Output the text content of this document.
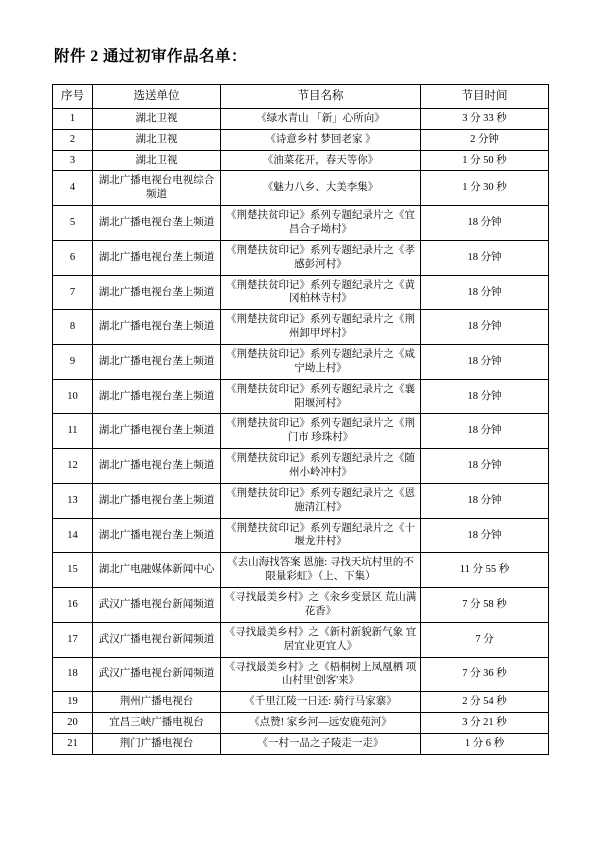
附件 2 通过初审作品名单：
序号	选送单位	节目名称	节目时间
1	湖北卫视	《绿水青山 「新」心所向》	3 分 33 秒
2	湖北卫视	《诗意乡村 梦回老家 》	2 分钟
3	湖北卫视	《油菜花开，春天等你》	1 分 50 秒
4	湖北广播电视台电视综合频道	《魅力八乡、大美李集》	1 分 30 秒
5	湖北广播电视台垄上频道	《荆楚扶贫印记》系列专题纪录片之《宜昌合子坳村》	18 分钟
6	湖北广播电视台垄上频道	《荆楚扶贫印记》系列专题纪录片之《孝感彭河村》	18 分钟
7	湖北广播电视台垄上频道	《荆楚扶贫印记》系列专题纪录片之《黄冈柏林寺村》	18 分钟
8	湖北广播电视台垄上频道	《荆楚扶贫印记》系列专题纪录片之《荆州卸甲坪村》	18 分钟
9	湖北广播电视台垄上频道	《荆楚扶贫印记》系列专题纪录片之《咸宁坳上村》	18 分钟
10	湖北广播电视台垄上频道	《荆楚扶贫印记》系列专题纪录片之《襄阳堰河村》	18 分钟
11	湖北广播电视台垄上频道	《荆楚扶贫印记》系列专题纪录片之《荆门市 珍珠村》	18 分钟
12	湖北广播电视台垄上频道	《荆楚扶贫印记》系列专题纪录片之《随州小岭冲村》	18 分钟
13	湖北广播电视台垄上频道	《荆楚扶贫印记》系列专题纪录片之《恩施清江村》	18 分钟
14	湖北广播电视台垄上频道	《荆楚扶贫印记》系列专题纪录片之《十堰龙井村》	18 分钟
15	湖北广电融媒体新闻中心	《去山海找答案 恩施: 寻找天坑村里的不限量彩虹》（上、下集）	11 分 55 秒
16	武汉广播电视台新闻频道	《寻找最美乡村》之《汆乡变景区 荒山满花香》	7 分 58 秒
17	武汉广播电视台新闻频道	《寻找最美乡村》之《新村新貌新气象 宜居宜业更宜人》	7 分
18	武汉广播电视台新闻频道	《寻找最美乡村》之《梧桐树上凤凰栖 项山村里'创客'来》	7 分 36 秒
19	荆州广播电视台	《千里江陵一日还: 骑行马家寨》	2 分 54 秒
20	宜昌三峡广播电视台	《点赞! 家乡河—远安鹿苑河》	3 分 21 秒
21	荆门广播电视台	《一村一品之子陵走一走》	1 分 6 秒
